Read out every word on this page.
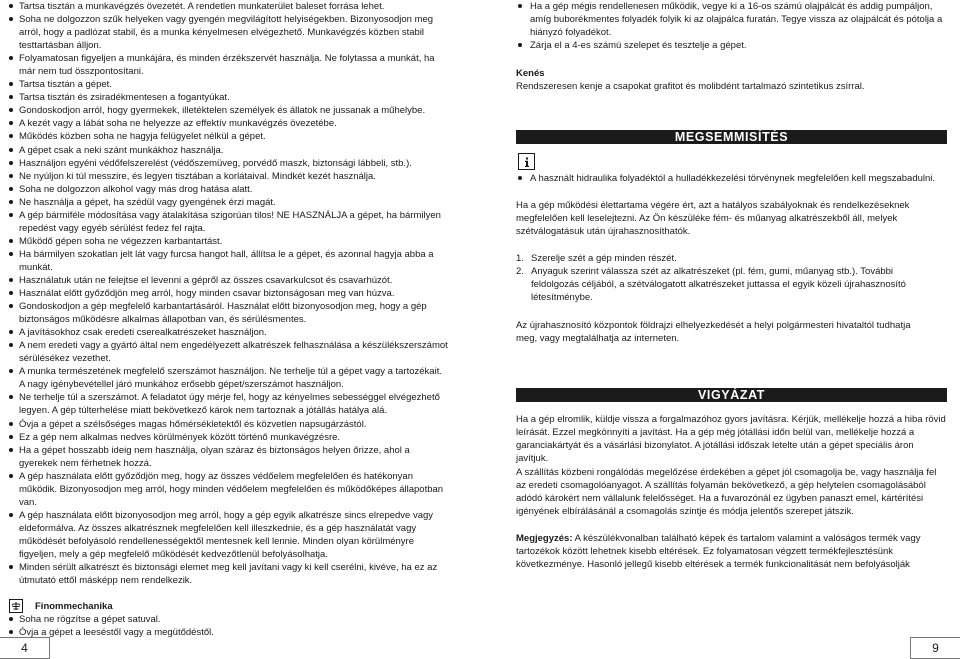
Tartsa tisztán a munkavégzés övezetét. A rendetlen munkaterület baleset forrása lehet.
Soha ne dolgozzon szűk helyeken vagy gyengén megvilágított helyiségekben. Bizonyosodjon meg arról, hogy a padlózat stabil, és a munka kényelmesen elvégezhető. Munkavégzés közben stabil testtartásban álljon.
Folyamatosan figyeljen a munkájára, és minden érzékszervét használja. Ne folytassa a munkát, ha már nem tud összpontosítani.
Tartsa tisztán a gépet.
Tartsa tisztán és zsiradékmentesen a fogantyúkat.
Gondoskodjon arról, hogy gyermekek, illetéktelen személyek és állatok ne jussanak a műhelybe.
A kezét vagy a lábát soha ne helyezze az effektív munkavégzés övezetébe.
Működés közben soha ne hagyja felügyelet nélkül a gépet.
A gépet csak a neki szánt munkákhoz használja.
Használjon egyéni védőfelszerelést (védőszemüveg, porvédő maszk, biztonsági lábbeli, stb.).
Ne nyúljon ki túl messzire, és legyen tisztában a korlátaival. Mindkét kezét használja.
Soha ne dolgozzon alkohol vagy más drog hatása alatt.
Ne használja a gépet, ha szédül vagy gyengének érzi magát.
A gép bármiféle módosítása vagy átalakítása szigorúan tilos! NE HASZNÁLJA a gépet, ha bármilyen repedést vagy egyéb sérülést fedez fel rajta.
Működő gépen soha ne végezzen karbantartást.
Ha bármilyen szokatlan jelt lát vagy furcsa hangot hall, állítsa le a gépet, és azonnal hagyja abba a munkát.
Használatuk után ne felejtse el levenni a gépről az összes csavarkulcsot és csavarhúzót.
Használat előtt győződjön meg arról, hogy minden csavar biztonságosan meg van húzva.
Gondoskodjon a gép megfelelő karbantartásáról. Használat előtt bizonyosodjon meg, hogy a gép biztonságos működésre alkalmas állapotban van, és sérülésmentes.
A javításokhoz csak eredeti cserealkatrészeket használjon.
A nem eredeti vagy a gyártó által nem engedélyezett alkatrészek felhasználása a készülékszerszámot sérülésékez vezethet.
A munka természetének megfelelő szerszámot használjon. Ne terhelje túl a gépet vagy a tartozékait. A nagy igénybevétellel járó munkához erősebb gépet/szerszámot használjon.
Ne terhelje túl a szerszámot. A feladatot úgy mérje fel, hogy az kényelmes sebességgel elvégezhető legyen. A gép túlterhelése miatt bekövetkező károk nem tartoznak a jótállás hatálya alá.
Óvja a gépet a szélsőséges magas hőmérsékletektől és közvetlen napsugárzástól.
Ez a gép nem alkalmas nedves körülmények között történő munkavégzésre.
Ha a gépet hosszabb ideig nem használja, olyan száraz és biztonságos helyen őrizze, ahol a gyerekek nem férhetnek hozzá.
A gép használata előtt győződjön meg, hogy az összes védőelem megfelelően és hatékonyan működik. Bizonyosodjon meg arról, hogy minden védőelem megfelelően és működőképes állapotban van.
A gép használata előtt bizonyosodjon meg arról, hogy a gép egyik alkatrésze sincs elrepedve vagy eldeformálva. Az összes alkatrésznek megfelelően kell illeszkednie, és a gép használatát vagy működését befolyásoló rendellenességektől mentesnek kell lennie. Minden olyan körülményre figyeljen, mely a gép megfelelő működését kedvezőtlenül befolyásolhatja.
Minden sérült alkatrészt és biztonsági elemet meg kell javítani vagy ki kell cserélni, kivéve, ha ez az útmutató ettől másképp nem rendelkezik.
Finommechanika
Soha ne rögzítse a gépet satuval.
Óvja a gépet a leeséstől vagy a megütődéstől.
Ha a gép mégis rendellenesen működik, vegye ki a 16-os számú olajpálcát és addig pumpáljon, amíg buborékmentes folyadék folyik ki az olajpálca furatán. Tegye vissza az olajpálcát és pótolja a hiányzó folyadékot.
Zárja el a 4-es számú szelepet és tesztelje a gépet.

Kenés

Rendszeresen kenje a csapokat grafitot és molibdént tartalmazó szintetikus zsírral.

MEGSEMMISÍTÉS
A használt hidraulika folyadéktól a hulladékkezelési törvénynek megfelelően kell megszabadulni.

Ha a gép működési élettartama végére ért, azt a hatályos szabályoknak és rendelkezéseknek megfelelően kell leselejtezni. Az Ön készüléke fém- és műanyag alkatrészekből áll, melyek szétválogatásuk után újrahasznosíthatók.

1. Szerelje szét a gép minden részét.
2. Anyaguk szerint válassza szét az alkatrészeket (pl. fém, gumi, műanyag stb.). További feldolgozás céljából, a szétválogatott alkatrészeket juttassa el egyik közeli újrahasznosító létesítménybe.

Az újrahasznosító központok földrajzi elhelyezkedését a helyi polgármesteri hivataltól tudhatja meg, vagy megtalálhatja az interneten.

VIGYÁZAT

Ha a gép elromlik, küldje vissza a forgalmazóhoz gyors javításra. Kérjük, mellékelje hozzá a hiba rövid leírását. Ezzel megkönnyíti a javítást. Ha a gép még jótállási időn belül van, mellékelje hozzá a garanciakártyát és a vásárlási bizonylatot. A jótállási időszak letelte után a gépet speciális áron javítjuk.

A szállítás közbeni rongálódás megelőzése érdekében a gépet jól csomagolja be, vagy használja fel az eredeti csomagolóanyagot. A szállítás folyamán bekövetkező, a gép helytelen csomagolásából adódó károkért nem vállalunk felelősséget. Ha a fuvarozónál ez ügyben panaszt emel, kártérítési igényének elbírálásánál a csomagolás szintje és módja jelentős szerepet játszik.

Megjegyzés: A készülékvonalban található képek és tartalom valamint a valóságos termék vagy tartozékok között lehetnek kisebb eltérések. Ez folyamatosan végzett termékfejlesztésünk következménye. Hasonló jellegű kisebb eltérések a termék funkcionalitását nem befolyásolják

4	9
